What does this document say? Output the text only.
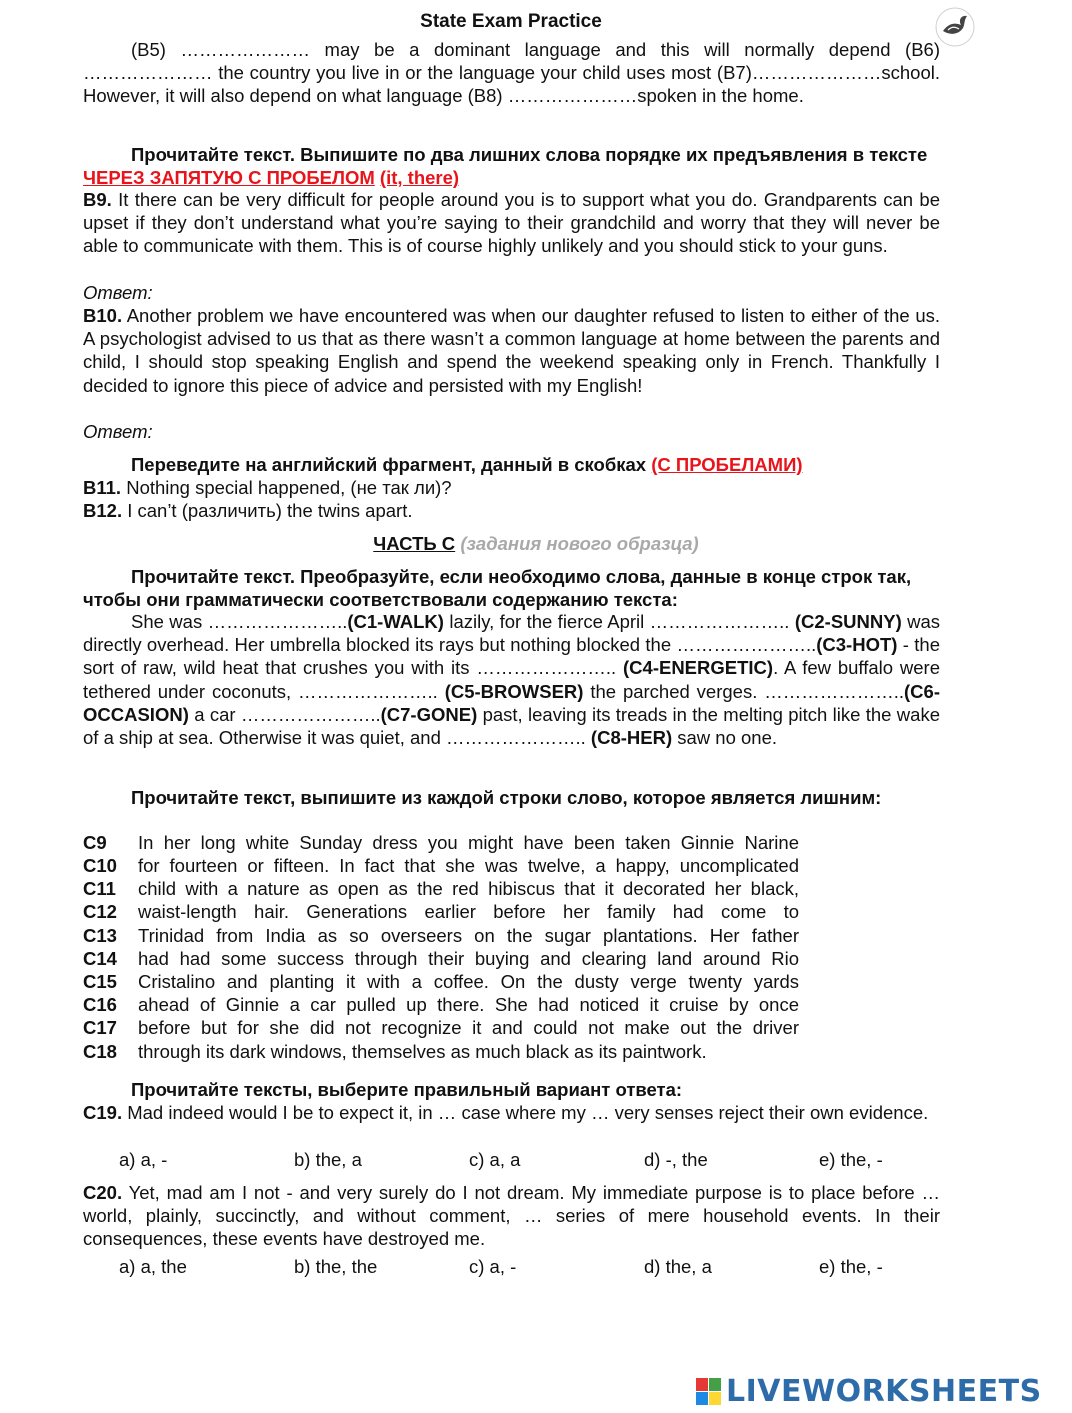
State Exam Practice
(B5) ………………… may be a dominant language and this will normally depend (B6) ………………… the country you live in or the language your child uses most (B7)…………………school. However, it will also depend on what language (B8) …………………spoken in the home.
Прочитайте текст. Выпишите по два лишних слова порядке их предъявления в тексте ЧЕРЕЗ ЗАПЯТУЮ С ПРОБЕЛОМ (it, there)
B9. It there can be very difficult for people around you is to support what you do. Grandparents can be upset if they don’t understand what you’re saying to their grandchild and worry that they will never be able to communicate with them. This is of course highly unlikely and you should stick to your guns.
Ответ:
B10. Another problem we have encountered was when our daughter refused to listen to either of the us. A psychologist advised to us that as there wasn’t a common language at home between the parents and child, I should stop speaking English and spend the weekend speaking only in French. Thankfully I decided to ignore this piece of advice and persisted with my English!
Ответ:
Переведите на английский фрагмент, данный в скобках (С ПРОБЕЛАМИ)
B11. Nothing special happened, (не так ли)?
B12. I can’t (различить) the twins apart.
ЧАСТЬ С (задания нового образца)
Прочитайте текст. Преобразуйте, если необходимо слова, данные в конце строк так, чтобы они грамматически соответствовали содержанию текста:
She was …………………..(C1-WALK) lazily, for the fierce April ………………….. (C2-SUNNY) was directly overhead. Her umbrella blocked its rays but nothing blocked the …………………..(C3-HOT) - the sort of raw, wild heat that crushes you with its ………………….. (C4-ENERGETIC). A few buffalo were tethered under coconuts, ………………….. (C5-BROWSER) the parched verges. …………………..(C6-OCCASION) a car …………………..(C7-GONE) past, leaving its treads in the melting pitch like the wake of a ship at sea. Otherwise it was quiet, and ………………….. (C8-HER) saw no one.
Прочитайте текст, выпишите из каждой строки слово, которое является лишним:
C9 In her long white Sunday dress you might have been taken Ginnie Narine
C10 for fourteen or fifteen. In fact that she was twelve, a happy, uncomplicated
C11 child with a nature as open as the red hibiscus that it decorated her black,
C12 waist-length hair. Generations earlier before her family had come to
C13 Trinidad from India as so overseers on the sugar plantations. Her father
C14 had had some success through their buying and clearing land around Rio
C15 Cristalino and planting it with a coffee. On the dusty verge twenty yards
C16 ahead of Ginnie a car pulled up there. She had noticed it cruise by once
C17 before but for she did not recognize it and could not make out the driver
C18 through its dark windows, themselves as much black as its paintwork.
Прочитайте тексты, выберите правильный вариант ответа:
C19. Mad indeed would I be to expect it, in … case where my … very senses reject their own evidence.
a) a, -	b) the, a	c) a, a	d) -, the	e) the, -
C20. Yet, mad am I not - and very surely do I not dream. My immediate purpose is to place before … world, plainly, succinctly, and without comment, … series of mere household events. In their consequences, these events have destroyed me.
a) a, the	b) the, the	c) a, -	d) the, a	e) the, -
LIVEWORKSHEETS
